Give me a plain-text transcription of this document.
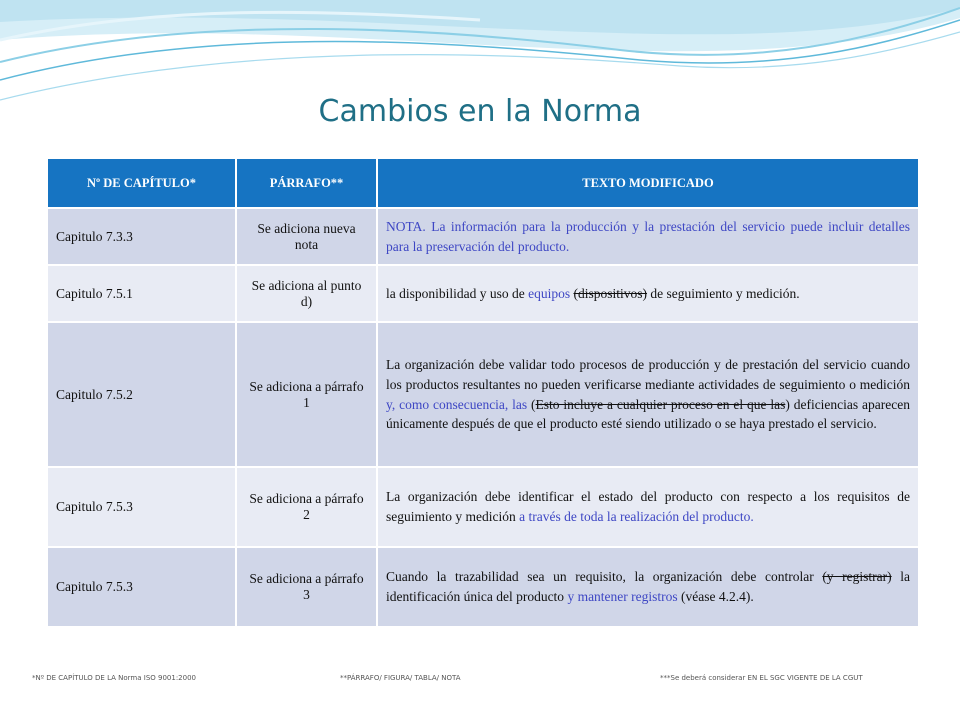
Cambios en la Norma
Nº DE CAPÍTULO*	PÁRRAFO**	TEXTO MODIFICADO
Capitulo 7.3.3	Se adiciona nueva nota	NOTA. La información para la producción y la prestación del servicio puede incluir detalles para la preservación del producto.
Capitulo 7.5.1	Se adiciona al punto d)	la disponibilidad y uso de equipos (dispositivos) de seguimiento y medición.
Capitulo 7.5.2	Se adiciona a párrafo 1	La organización debe validar todo procesos de producción y de prestación del servicio cuando los productos resultantes no pueden verificarse mediante actividades de seguimiento o medición y, como consecuencia, las (Esto incluye a cualquier proceso en el que las) deficiencias aparecen únicamente después de que el producto esté siendo utilizado o se haya prestado el servicio.
Capitulo 7.5.3	Se adiciona a párrafo 2	La organización debe identificar el estado del producto con respecto a los requisitos de seguimiento y medición a través de toda la realización del producto.
Capitulo 7.5.3	Se adiciona a párrafo 3	Cuando la trazabilidad sea un requisito, la organización debe controlar (y registrar) la identificación única del producto y mantener registros (véase 4.2.4).
*Nº DE CAPÍTULO DE LA Norma ISO 9001:2000	**PÁRRAFO/ FIGURA/ TABLA/ NOTA	***Se deberá considerar EN EL SGC VIGENTE DE LA CGUT
